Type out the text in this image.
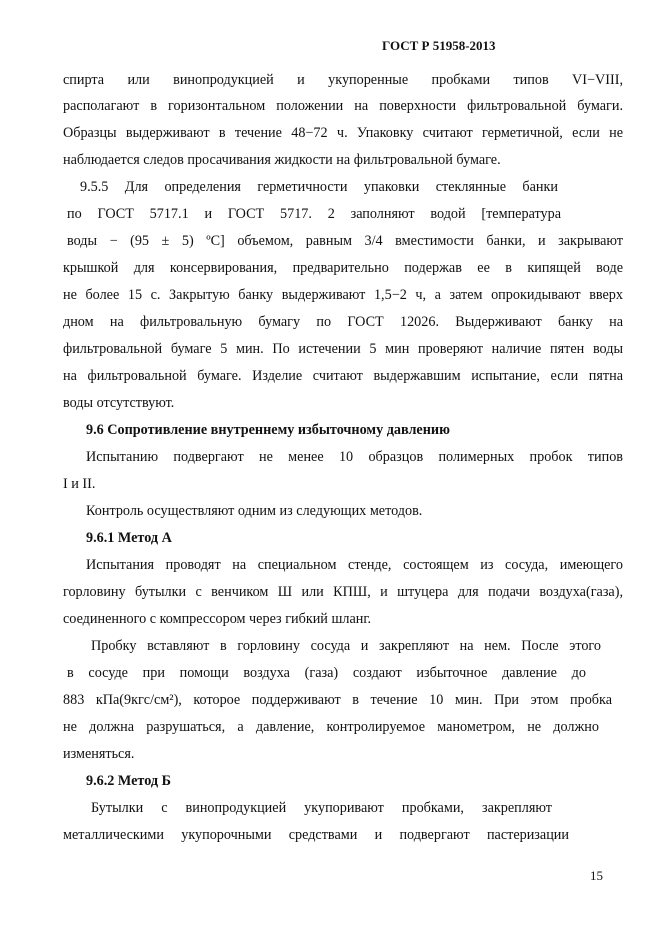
ГОСТ Р 51958-2013
спирта или винопродукцией и укупоренные пробками типов VI−VIII,
располагают в горизонтальном положении на поверхности фильтровальной бумаги.
Образцы выдерживают в течение 48−72 ч. Упаковку считают герметичной, если не
наблюдается следов просачивания жидкости на фильтровальной бумаге.
9.5.5 Для определения герметичности упаковки стеклянные банки
по ГОСТ 5717.1 и ГОСТ 5717. 2 заполняют водой [температура
воды − (95 ± 5) ºС] объемом, равным 3/4 вместимости банки, и закрывают
крышкой для консервирования, предварительно подержав ее в кипящей воде
не более 15 с. Закрытую банку выдерживают 1,5−2 ч, а затем опрокидывают вверх
дном на фильтровальную бумагу по ГОСТ 12026. Выдерживают банку на
фильтровальной бумаге 5 мин. По истечении 5 мин проверяют наличие пятен воды
на фильтровальной бумаге. Изделие считают выдержавшим испытание, если пятна
воды отсутствуют.
9.6 Сопротивление внутреннему избыточному давлению
Испытанию подвергают не менее 10 образцов полимерных пробок типов
I и II.
Контроль осуществляют одним из следующих методов.
9.6.1 Метод А
Испытания проводят на специальном стенде, состоящем из сосуда, имеющего
горловину бутылки с венчиком Ш или КПШ, и штуцера для подачи воздуха(газа),
соединенного с компрессором через гибкий шланг.
Пробку вставляют в горловину сосуда и закрепляют на нем. После этого
в сосуде при помощи воздуха (газа) создают избыточное давление до
883 кПа(9кгс/см²), которое поддерживают в течение 10 мин. При этом пробка
не должна разрушаться, а давление, контролируемое манометром, не должно
изменяться.
9.6.2 Метод Б
Бутылки с винопродукцией укупоривают пробками, закрепляют
металлическими укупорочными средствами и подвергают пастеризации
15
